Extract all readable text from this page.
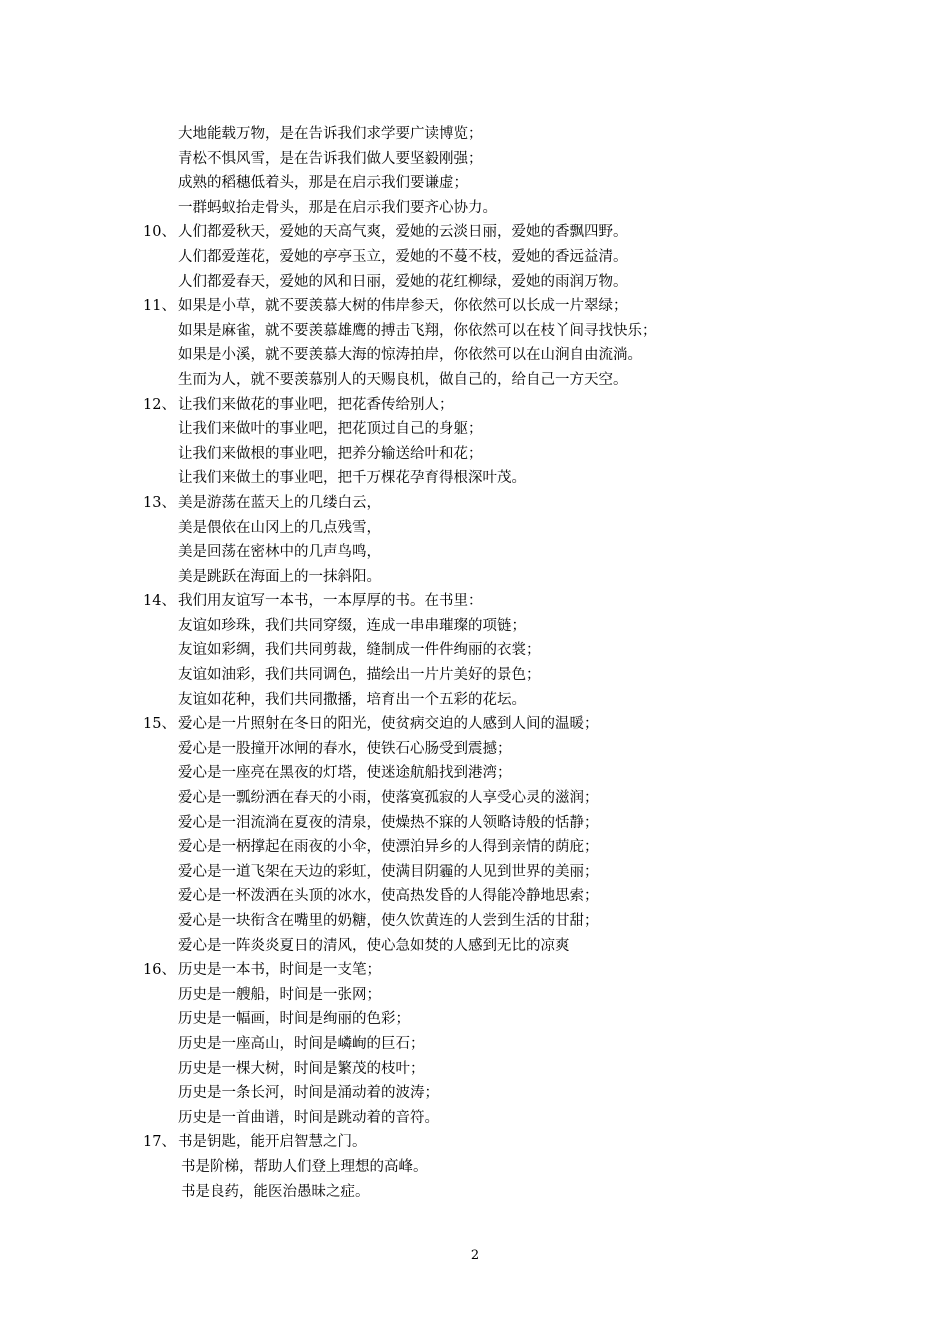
大地能载万物，是在告诉我们求学要广读博览；
青松不惧风雪，是在告诉我们做人要坚毅刚强；
成熟的稻穗低着头，那是在启示我们要谦虚；
一群蚂蚁抬走骨头，那是在启示我们要齐心协力。
10、 人们都爱秋天，爱她的天高气爽，爱她的云淡日丽，爱她的香飘四野。
人们都爱莲花，爱她的亭亭玉立，爱她的不蔓不枝，爱她的香远益清。
人们都爱春天，爱她的风和日丽，爱她的花红柳绿，爱她的雨润万物。
11、 如果是小草，就不要羡慕大树的伟岸参天，你依然可以长成一片翠绿；
如果是麻雀，就不要羡慕雄鹰的搏击飞翔，你依然可以在枝丫间寻找快乐；
如果是小溪，就不要羡慕大海的惊涛拍岸，你依然可以在山涧自由流淌。
生而为人，就不要羡慕别人的天赐良机，做自己的，给自己一方天空。
12、 让我们来做花的事业吧，把花香传给别人；
让我们来做叶的事业吧，把花顶过自己的身躯；
让我们来做根的事业吧，把养分输送给叶和花；
让我们来做土的事业吧，把千万棵花孕育得根深叶茂。
13、 美是游荡在蓝天上的几缕白云，
美是偎依在山冈上的几点残雪，
美是回荡在密林中的几声鸟鸣，
美是跳跃在海面上的一抹斜阳。
14、 我们用友谊写一本书，一本厚厚的书。在书里：
友谊如珍珠，我们共同穿缀，连成一串串璀璨的项链；
友谊如彩绸，我们共同剪裁，缝制成一件件绚丽的衣裳；
友谊如油彩，我们共同调色，描绘出一片片美好的景色；
友谊如花种，我们共同撒播，培育出一个五彩的花坛。
15、 爱心是一片照射在冬日的阳光，使贫病交迫的人感到人间的温暖；
爱心是一股撞开冰闸的春水，使铁石心肠受到震撼；
爱心是一座亮在黑夜的灯塔，使迷途航船找到港湾；
爱心是一瓢纷洒在春天的小雨，使落寞孤寂的人享受心灵的滋润；
爱心是一泪流淌在夏夜的清泉，使燥热不寐的人领略诗般的恬静；
爱心是一柄撑起在雨夜的小伞，使漂泊异乡的人得到亲情的荫庇；
爱心是一道飞架在天边的彩虹，使满目阴霾的人见到世界的美丽；
爱心是一杯泼洒在头顶的冰水，使高热发昏的人得能冷静地思索；
爱心是一块衔含在嘴里的奶糖，使久饮黄连的人尝到生活的甘甜；
爱心是一阵炎炎夏日的清风，使心急如焚的人感到无比的凉爽
16、 历史是一本书，时间是一支笔；
历史是一艘船，时间是一张网；
历史是一幅画，时间是绚丽的色彩；
历史是一座高山，时间是嶙峋的巨石；
历史是一棵大树，时间是繁茂的枝叶；
历史是一条长河，时间是涌动着的波涛；
历史是一首曲谱，时间是跳动着的音符。
17、 书是钥匙，能开启智慧之门。
书是阶梯，帮助人们登上理想的高峰。
书是良药，能医治愚昧之症。
2
